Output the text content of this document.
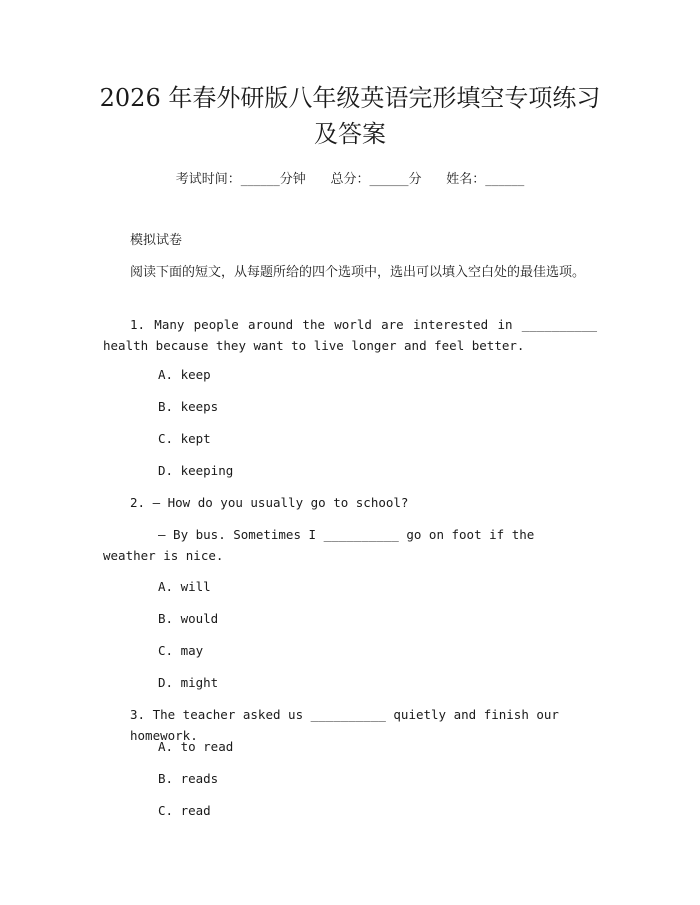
2026 年春外研版八年级英语完形填空专项练习及答案
考试时间：______分钟      总分：______分      姓名：______
模拟试卷
阅读下面的短文，从每题所给的四个选项中，选出可以填入空白处的最佳选项。
1. Many people around the world are interested in __________ health because they want to live longer and feel better.
A. keep
B. keeps
C. kept
D. keeping
2. — How do you usually go to school?
— By bus. Sometimes I __________ go on foot if the weather is nice.
A. will
B. would
C. may
D. might
3. The teacher asked us __________ quietly and finish our homework.
A. to read
B. reads
C. read
